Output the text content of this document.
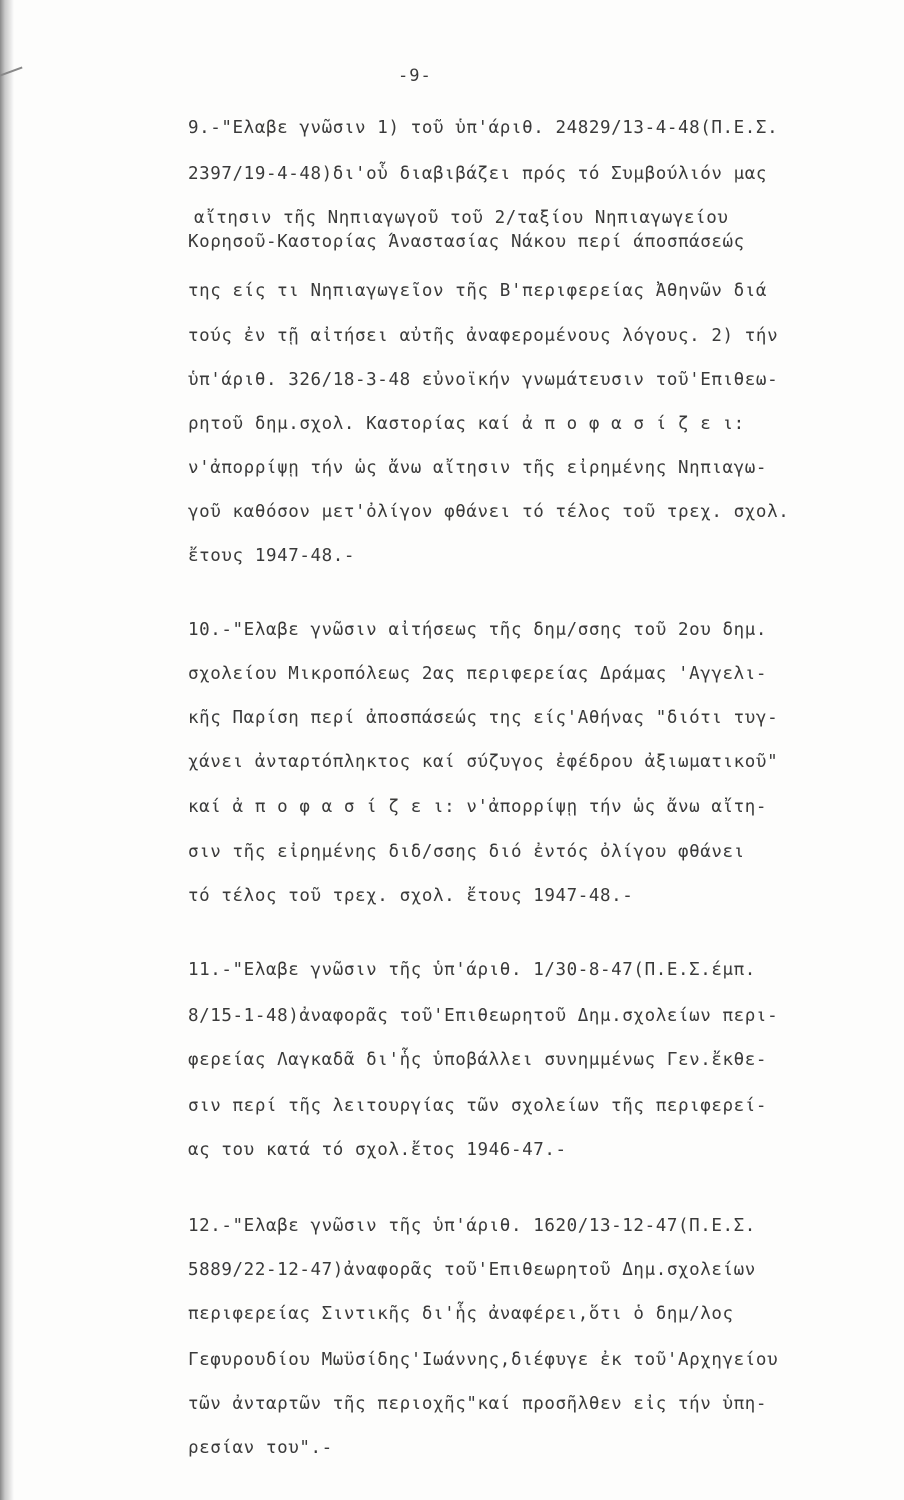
-9-
9.-"Ελαβε γνῶσιν 1) τοῦ ὑπ'άριθ. 24829/13-4-48(Π.Ε.Σ.
2397/19-4-48)δι'οὗ διαβιβάζει πρός τό Συμβούλιόν μας
αἴτησιν τῆς Νηπιαγωγοῦ τοῦ 2/ταξίου Νηπιαγωγείου
Κορησοῦ-Καστορίας Άναστασίας Νάκου περί άποσπάσεώς
της είς τι Νηπιαγωγεῖον τῆς Β'περιφερείας Ἀθηνῶν διά
τούς ἐν τῇ αἰτήσει αὐτῆς ἀναφερομένους λόγους. 2) τήν
ὑπ'άριθ. 326/18-3-48 εὐνοϊκήν γνωμάτευσιν τοῦ'Επιθεω-
ρητοῦ δημ.σχολ. Καστορίας καί ἀ π ο φ α σ ί ζ ε ι:
ν'ἀπορρίψῃ τήν ὡς ἄνω αἴτησιν τῆς εἰρημένης Νηπιαγω-
γοῦ καθόσον μετ'ὀλίγον φθάνει τό τέλος τοῦ τρεχ. σχολ.
ἔτους 1947-48.-
10.-"Ελαβε γνῶσιν αἰτήσεως τῆς δημ/σσης τοῦ 2ου δημ.
σχολείου Μικροπόλεως 2ας περιφερείας Δράμας 'Αγγελι-
κῆς Παρίση περί ἀποσπάσεώς της είς'Αθήνας "διότι τυγ-
χάνει ἀνταρτόπληκτος καί σύζυγος ἐφέδρου ἀξιωματικοῦ"
καί ἀ π ο φ α σ ί ζ ε ι: ν'ἀπορρίψῃ τήν ὡς ἄνω αἴτη-
σιν τῆς εἰρημένης διδ/σσης διό ἐντός ὀλίγου φθάνει
τό τέλος τοῦ τρεχ. σχολ. ἔτους 1947-48.-
11.-"Ελαβε γνῶσιν τῆς ὑπ'άριθ. 1/30-8-47(Π.Ε.Σ.έμπ.
8/15-1-48)ἀναφορᾶς τοῦ'Επιθεωρητοῦ Δημ.σχολείων περι-
φερείας Λαγκαδᾶ δι'ἧς ὑποβάλλει συνημμένως Γεν.ἔκθε-
σιν περί τῆς λειτουργίας τῶν σχολείων τῆς περιφερεί-
ας του κατά τό σχολ.ἔτος 1946-47.-
12.-"Ελαβε γνῶσιν τῆς ὑπ'άριθ. 1620/13-12-47(Π.Ε.Σ.
5889/22-12-47)ἀναφορᾶς τοῦ'Επιθεωρητοῦ Δημ.σχολείων
περιφερείας Σιντικῆς δι'ἧς ἀναφέρει,ὅτι ὁ δημ/λος
Γεφυρουδίου Μωϋσίδης'Ιωάννης,διέφυγε ἐκ τοῦ'Αρχηγείου
τῶν ἀνταρτῶν τῆς περιοχῆς"καί προσῆλθεν εἰς τήν ὑπη-
ρεσίαν του".-
